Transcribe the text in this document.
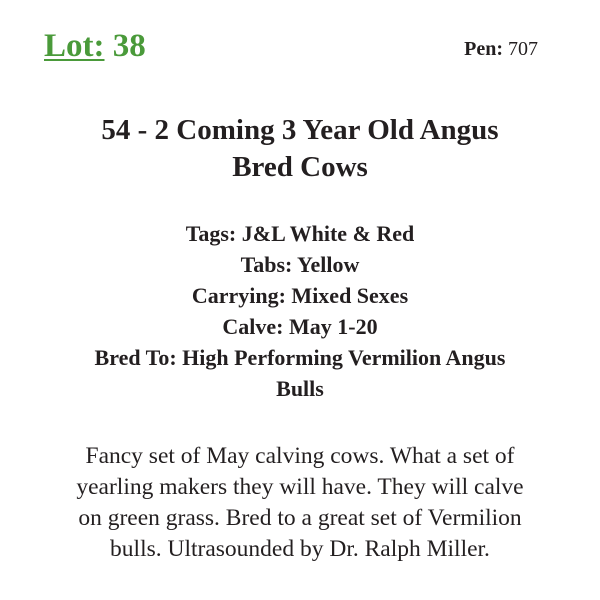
Lot: 38	Pen: 707
54 - 2 Coming 3 Year Old Angus
Bred Cows
Tags: J&L White & Red
Tabs: Yellow
Carrying: Mixed Sexes
Calve: May 1-20
Bred To: High Performing Vermilion Angus
Bulls
Fancy set of May calving cows. What a set of
yearling makers they will have. They will calve
on green grass. Bred to a great set of Vermilion
bulls. Ultrasounded by Dr. Ralph Miller.
